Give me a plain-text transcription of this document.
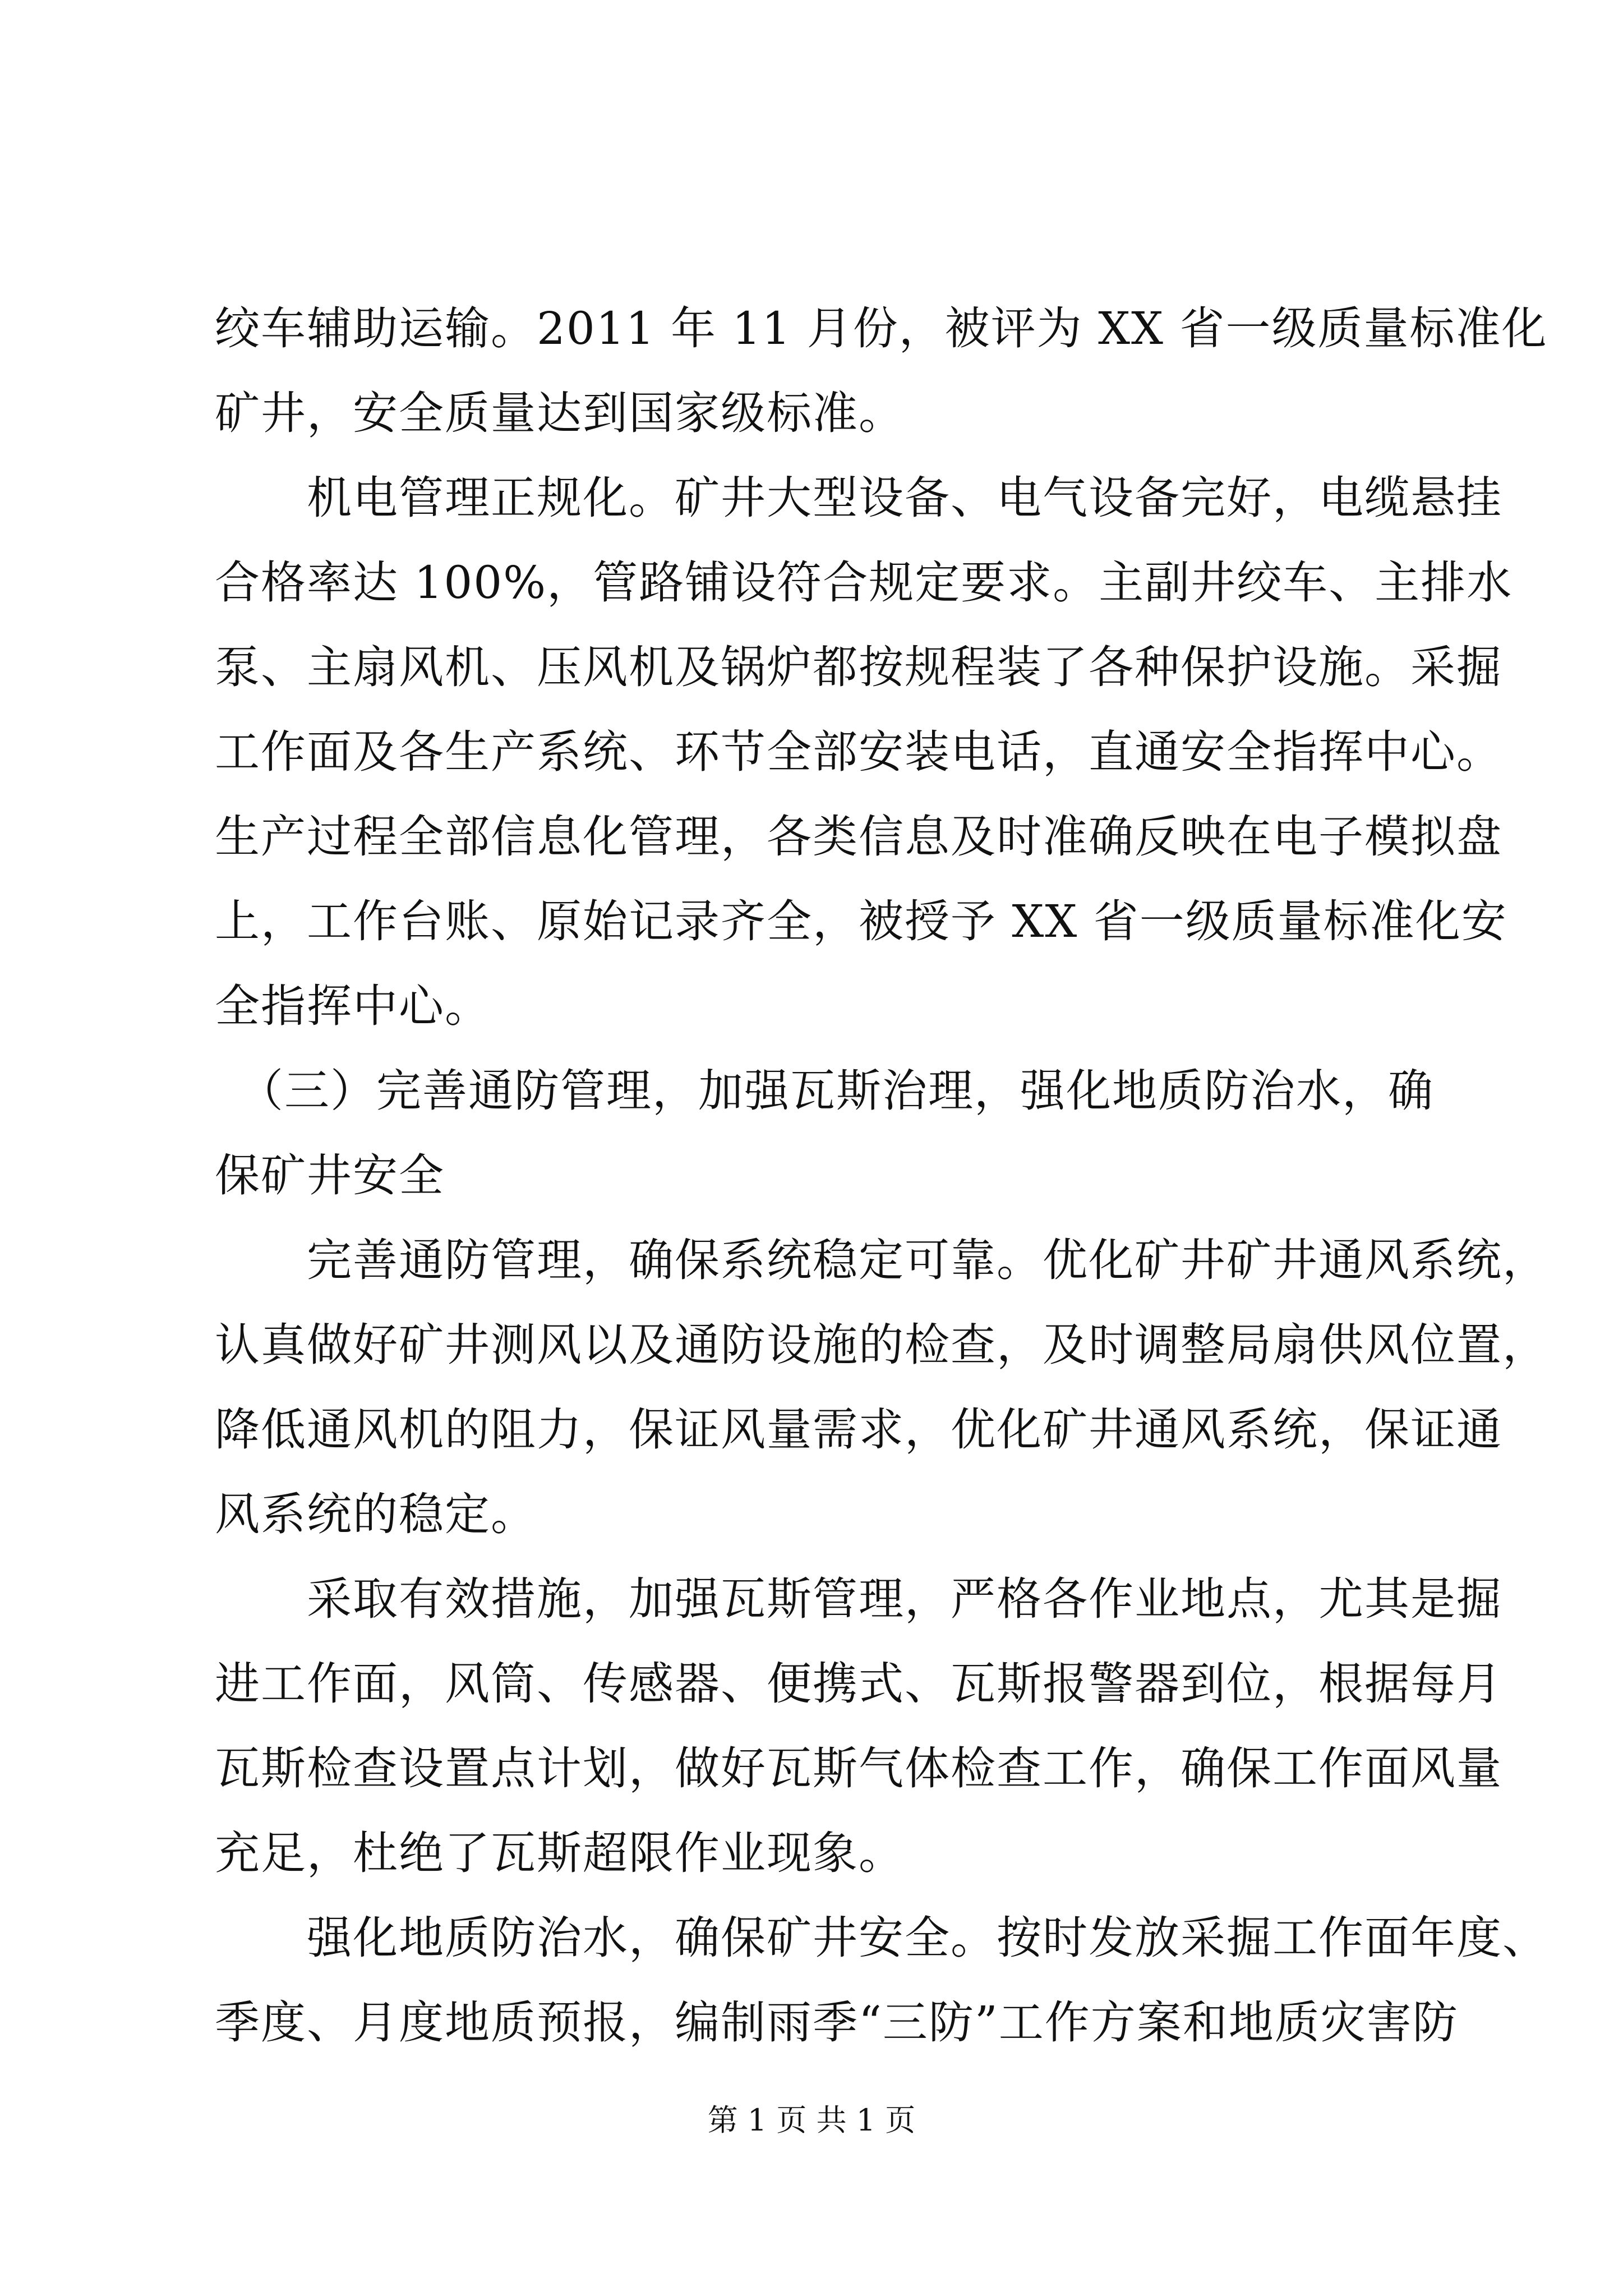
绞车辅助运输。2011 年 11 月份，被评为 XX 省一级质量标准化
矿井，安全质量达到国家级标准。
　　机电管理正规化。矿井大型设备、电气设备完好，电缆悬挂
合格率达 100%，管路铺设符合规定要求。主副井绞车、主排水
泵、主扇风机、压风机及锅炉都按规程装了各种保护设施。采掘
工作面及各生产系统、环节全部安装电话，直通安全指挥中心。
生产过程全部信息化管理，各类信息及时准确反映在电子模拟盘
上，工作台账、原始记录齐全，被授予 XX 省一级质量标准化安
全指挥中心。
　（三）完善通防管理，加强瓦斯治理，强化地质防治水，确
保矿井安全
　　完善通防管理，确保系统稳定可靠。优化矿井矿井通风系统，
认真做好矿井测风以及通防设施的检查，及时调整局扇供风位置，
降低通风机的阻力，保证风量需求，优化矿井通风系统，保证通
风系统的稳定。
　　采取有效措施，加强瓦斯管理，严格各作业地点，尤其是掘
进工作面，风筒、传感器、便携式、瓦斯报警器到位，根据每月
瓦斯检查设置点计划，做好瓦斯气体检查工作，确保工作面风量
充足，杜绝了瓦斯超限作业现象。
　　强化地质防治水，确保矿井安全。按时发放采掘工作面年度、
季度、月度地质预报，编制雨季“三防”工作方案和地质灾害防
第 1 页 共 1 页
